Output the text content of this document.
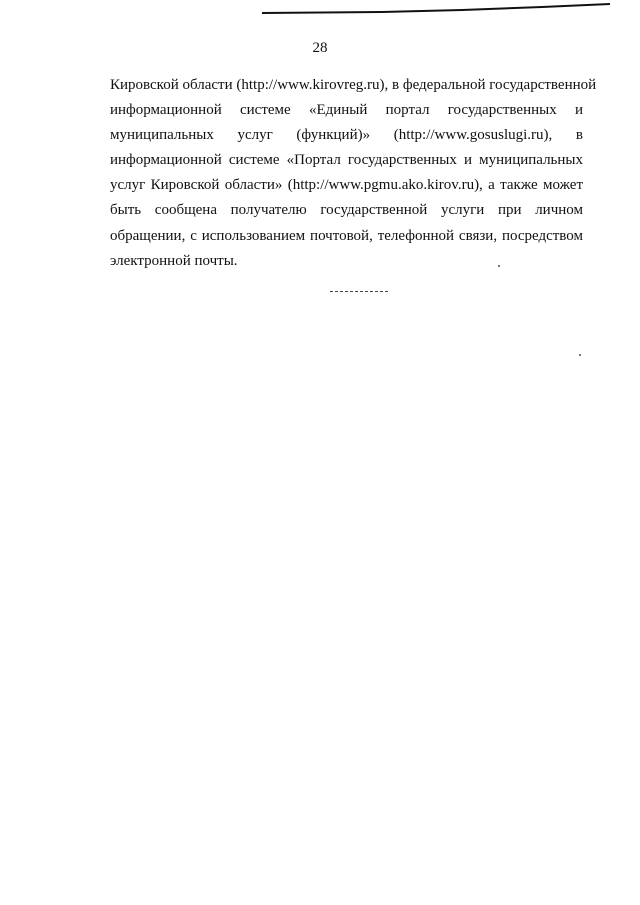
28
Кировской области (http://www.kirovreg.ru), в федеральной государственной
информационной системе «Единый портал государственных и
муниципальных услуг (функций)» (http://www.gosuslugi.ru), в
информационной системе «Портал государственных и муниципальных
услуг Кировской области» (http://www.pgmu.ako.kirov.ru), а также может
быть сообщена получателю государственной услуги при личном
обращении, с использованием почтовой, телефонной связи, посредством
электронной почты.
